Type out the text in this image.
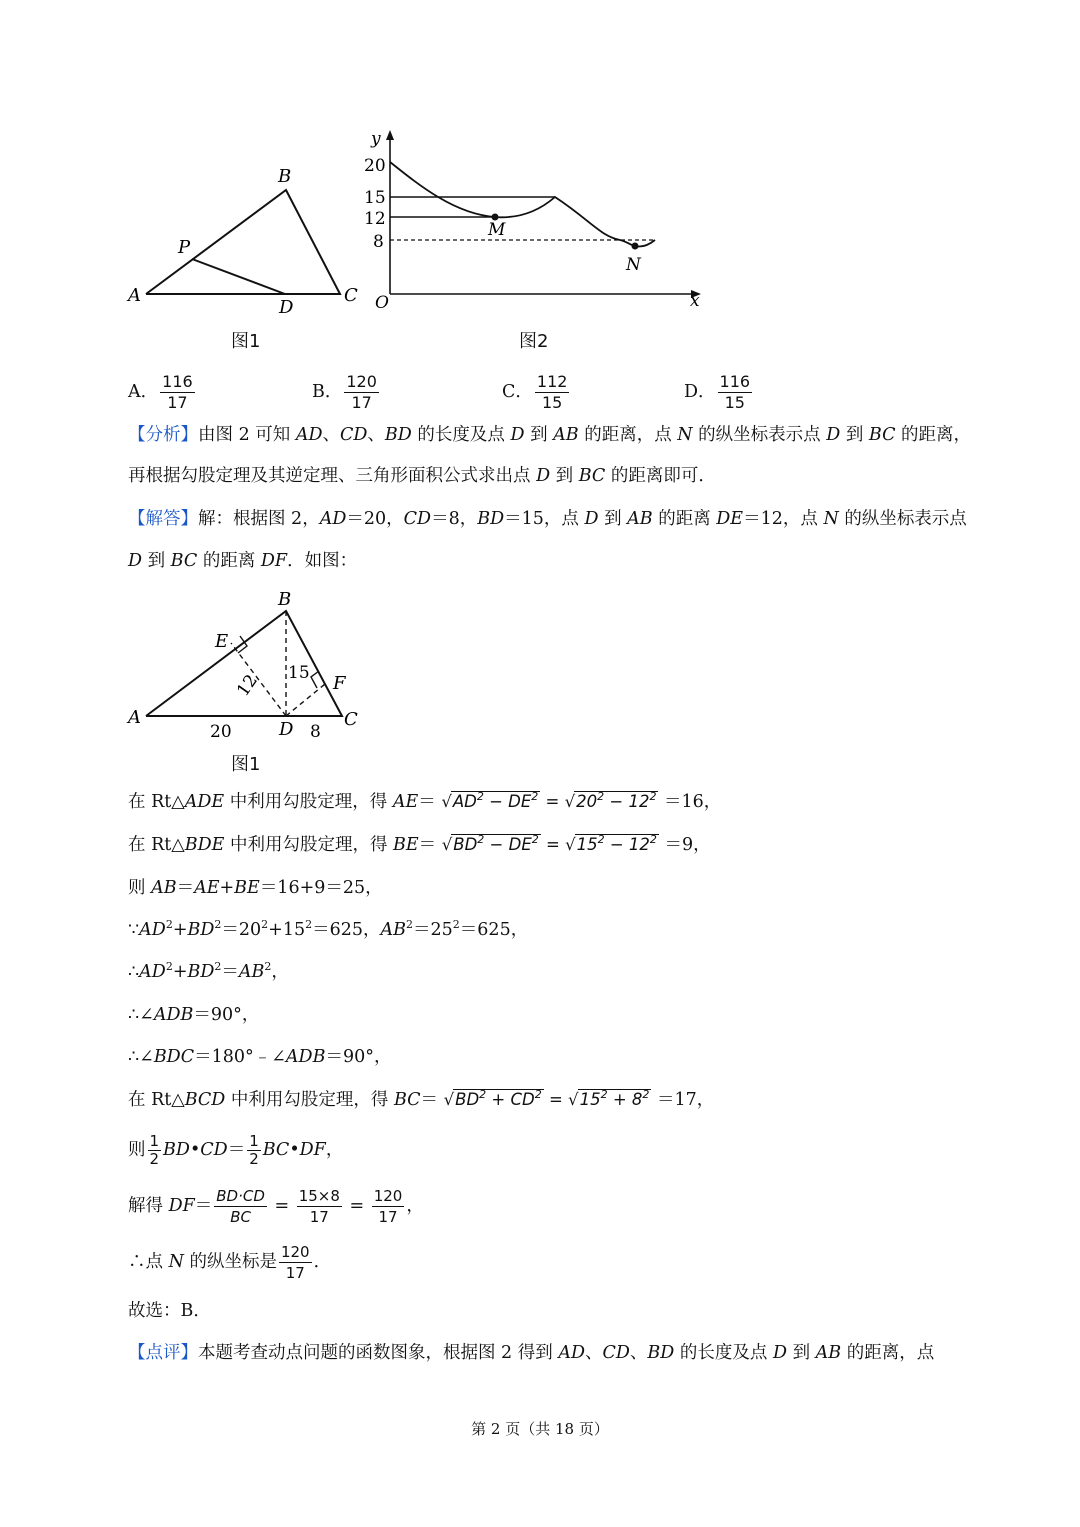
B
P
A
D
C
图1
y
x
O
20
15
12
8
M
N
图2
A． $\frac{116}{17}$	B． $\frac{120}{17}$	C． $\frac{112}{15}$	D． $\frac{116}{15}$
【分析】由图 2 可知 AD、CD、BD 的长度及点 D 到 AB 的距离，点 N 的纵坐标表示点 D 到 BC 的距离，
再根据勾股定理及其逆定理、三角形面积公式求出点 D 到 BC 的距离即可．
【解答】解：根据图 2，AD＝20，CD＝8，BD＝15，点 D 到 AB 的距离 DE＝12，点 N 的纵坐标表示点
D 到 BC 的距离 DF．如图：
B
E
F
A
D	C
20	8
15
12
图1
在 Rt△ADE 中利用勾股定理，得 $AE= √AD^2 - DE^2 = √20^2 - 12^2 =16$，
在 Rt△BDE 中利用勾股定理，得 $BE= √BD^2 - DE^2 = √15^2 - 12^2 =9$，
则 AB＝AE+BE＝16+9＝25，
$\because AD^2+BD^2=20^2+15^2=625$，$AB^2=25^2=625$，
$\therefore AD^2+BD^2=AB^2$，
∴∠ADB＝90°，
∴∠BDC＝180°﹣∠ADB＝90°，
在 Rt△BCD 中利用勾股定理，得 $BC= √BD^2 + CD^2 = √15^2 + 8^2 =17$，
则 $\frac{1}{2}$ BD•CD＝ $\frac{1}{2}$ BC•DF，
解得 $DF= \frac{BD\cdot CD}{BC} = \frac{15\times 8}{17} = \frac{120}{17}$ ，
∴点 N 的纵坐标是 $\frac{120}{17}$ ．
故选：B．
【点评】本题考查动点问题的函数图象，根据图 2 得到 AD、CD、BD 的长度及点 D 到 AB 的距离，点
第 2 页（共 18 页）
